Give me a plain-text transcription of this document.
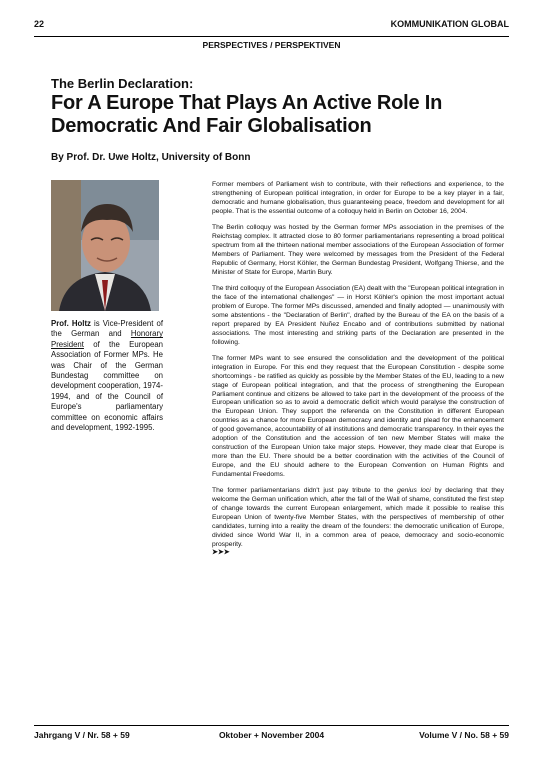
22	KOMMUNIKATION GLOBAL
PERSPECTIVES / PERSPEKTIVEN
The Berlin Declaration:
For A Europe That Plays An Active Role In Democratic And Fair Globalisation
By Prof. Dr. Uwe Holtz, University of Bonn
Prof. Holtz is Vice-President of the German and Honorary President of the European Association of Former MPs. He was Chair of the German Bundestag committee on development cooperation, 1974-1994, and of the Council of Europe's parliamentary committee on economic affairs and development, 1992-1995.

Former members of Parliament wish to contribute, with their reflections and experience, to the strengthening of European political integration, in order for Europe to be a key player in a fair, democratic and humane globalisation, thus guaranteeing peace, freedom and development for all people. That is the essential outcome of a colloquy held in Berlin on October 16, 2004.

The Berlin colloquy was hosted by the German former MPs association in the premises of the Reichstag complex. It attracted close to 80 former parliamentarians representing a broad political spectrum from all the thirteen national member associations of the European Association of former Members of Parliament. They were welcomed by messages from the President of the Federal Republic of Germany, Horst Köhler, the German Bundestag President, Wolfgang Thierse, and the Minister of State for Europe, Martin Bury.

The third colloquy of the European Association (EA) dealt with the "European political integration in the face of the international challenges" — in Horst Köhler's opinion the most important actual problem of Europe. The former MPs discussed, amended and finally adopted — unanimously with some abstentions - the "Declaration of Berlin", drafted by the Bureau of the EA on the basis of a report prepared by EA President Nuñez Encabo and of contributions submitted by national associations. The most interesting and striking parts of the Declaration are presented in the following.

The former MPs want to see ensured the consolidation and the development of the political integration in Europe. For this end they request that the European Constitution - despite some shortcomings - be ratified as quickly as possible by the Member States of the EU, leading to a new stage of European political integration, and that the process of strengthening the European Parliament continue and citizens be allowed to take part in the development of the process of the European unification so as to avoid a democratic deficit which would paralyse the construction of the European Union. They support the referenda on the Constitution in different European countries as a chance for more European democracy and identity and plead for the enhancement of good governance, accountability of all institutions and democratic transparency. In their eyes the adoption of the Constitution and the accession of ten new Member States will make the construction of the European Union take major steps. However, they made clear that Europe is more than the EU. There should be a better coordination with the activities of the Council of Europe, and the EU should adhere to the European Convention on Human Rights and Fundamental Freedoms.

The former parliamentarians didn't just pay tribute to the genius loci by declaring that they welcome the German unification which, after the fall of the Wall of shame, constituted the first step of change towards the current European enlargement, which made it possible to realise this European Union of twenty-five Member States, with the perspectives of membership of other candidates, turning into a reality the dream of the founders: the democratic unification of Europe, divided since World War II, in a common area of peace, democracy and socio-economic prosperity.
➤➤➤

Jahrgang V / Nr. 58 + 59	Oktober + November 2004	Volume V / No. 58 + 59
